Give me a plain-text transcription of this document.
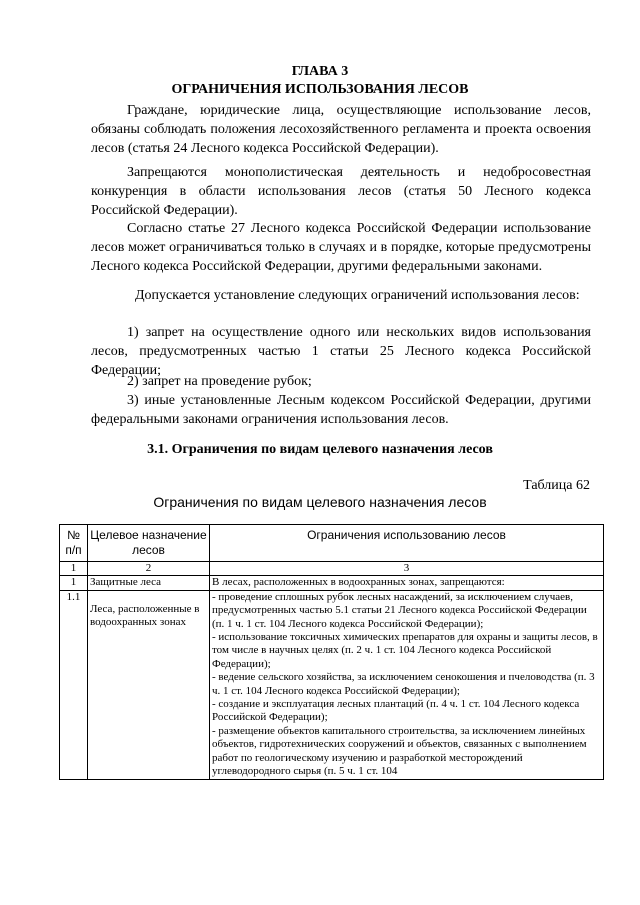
ГЛАВА 3
ОГРАНИЧЕНИЯ ИСПОЛЬЗОВАНИЯ ЛЕСОВ
Граждане, юридические лица, осуществляющие использование лесов, обязаны соблюдать положения лесохозяйственного регламента и проекта освоения лесов (статья 24 Лесного кодекса Российской Федерации).
Запрещаются монополистическая деятельность и недобросовестная конкуренция в области использования лесов (статья 50 Лесного кодекса Российской Федерации).
Согласно статье 27 Лесного кодекса Российской Федерации использование лесов может ограничиваться только в случаях и в порядке, которые предусмотрены Лесного кодекса Российской Федерации, другими федеральными законами.
Допускается установление следующих ограничений использования лесов:
1) запрет на осуществление одного или нескольких видов использования лесов, предусмотренных частью 1 статьи 25 Лесного кодекса Российской Федерации;
2) запрет на проведение рубок;
3) иные установленные Лесным кодексом Российской Федерации, другими федеральными законами ограничения использования лесов.
3.1. Ограничения по видам целевого назначения лесов
Таблица 62
Ограничения по видам целевого назначения лесов
№ п/п	Целевое назначение лесов	Ограничения использованию лесов
1	2	3
1	Защитные леса	В лесах, расположенных в водоохранных зонах, запрещаются:
1.1	Леса, расположенные в водоохранных зонах	- проведение сплошных рубок лесных насаждений, за исключением случаев, предусмотренных частью 5.1 статьи 21 Лесного кодекса Российской Федерации (п. 1 ч. 1 ст. 104 Лесного кодекса Российской Федерации);
- использование токсичных химических препаратов для охраны и защиты лесов, в том числе в научных целях (п. 2 ч. 1 ст. 104 Лесного кодекса Российской Федерации);
- ведение сельского хозяйства, за исключением сенокошения и пчеловодства (п. 3 ч. 1 ст. 104 Лесного кодекса Российской Федерации);
- создание и эксплуатация лесных плантаций (п. 4 ч. 1 ст. 104 Лесного кодекса Российской Федерации);
- размещение объектов капитального строительства, за исключением линейных объектов, гидротехнических сооружений и объектов, связанных с выполнением работ по геологическому изучению и разработкой месторождений углеводородного сырья (п. 5 ч. 1 ст. 104
